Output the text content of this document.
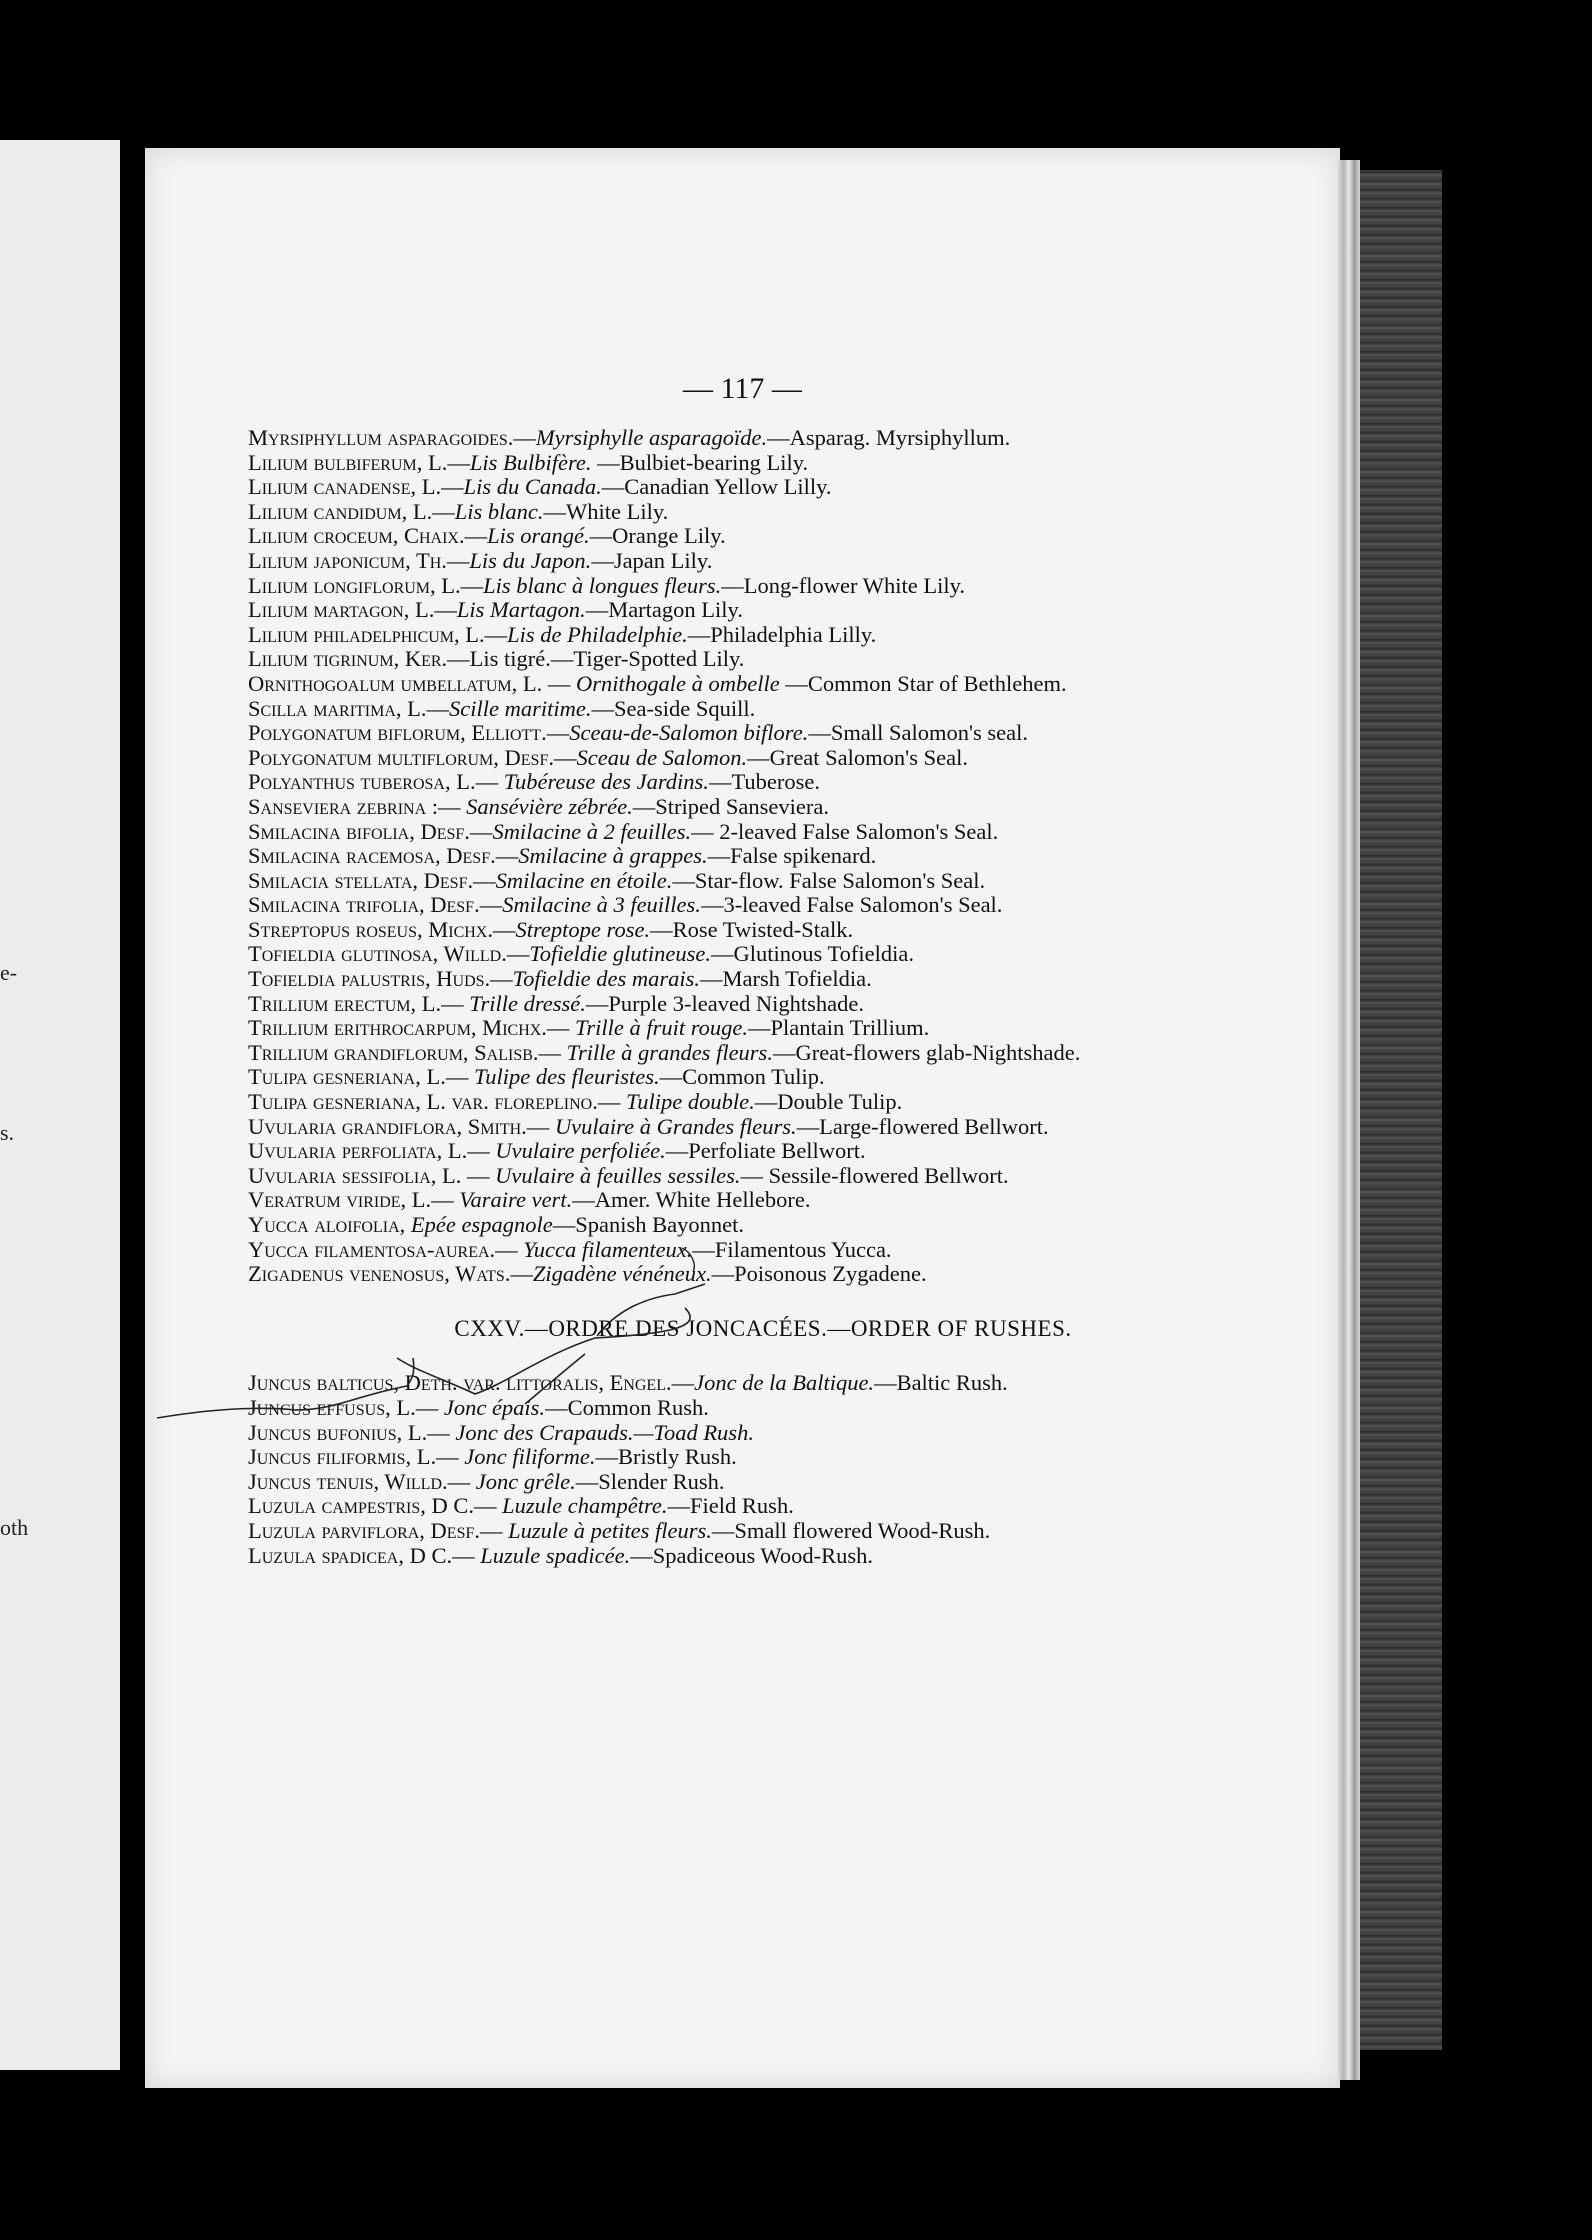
e-
s.
oth
— 117 —
Myrsiphyllum asparagoides.—Myrsiphylle asparagoïde.—Asparag. Myrsiphyllum.
Lilium bulbiferum, L.—Lis Bulbifère. —Bulbiet-bearing Lily.
Lilium canadense, L.—Lis du Canada.—Canadian Yellow Lilly.
Lilium candidum, L.—Lis blanc.—White Lily.
Lilium croceum, Chaix.—Lis orangé.—Orange Lily.
Lilium japonicum, Th.—Lis du Japon.—Japan Lily.
Lilium longiflorum, L.—Lis blanc à longues fleurs.—Long-flower White Lily.
Lilium martagon, L.—Lis Martagon.—Martagon Lily.
Lilium philadelphicum, L.—Lis de Philadelphie.—Philadelphia Lilly.
Lilium tigrinum, Ker.—Lis tigré.—Tiger-Spotted Lily.
Ornithogoalum umbellatum, L. — Ornithogale à ombelle —Common Star of Bethlehem.
Scilla maritima, L.—Scille maritime.—Sea-side Squill.
Polygonatum biflorum, Elliott.—Sceau-de-Salomon biflore.—Small Salomon's seal.
Polygonatum multiflorum, Desf.—Sceau de Salomon.—Great Salomon's Seal.
Polyanthus tuberosa, L.— Tubéreuse des Jardins.—Tuberose.
Sanseviera zebrina :— Sansévière zébrée.—Striped Sanseviera.
Smilacina bifolia, Desf.—Smilacine à 2 feuilles.— 2-leaved False Salomon's Seal.
Smilacina racemosa, Desf.—Smilacine à grappes.—False spikenard.
Smilacia stellata, Desf.—Smilacine en étoile.—Star-flow. False Salomon's Seal.
Smilacina trifolia, Desf.—Smilacine à 3 feuilles.—3-leaved False Salomon's Seal.
Streptopus roseus, Michx.—Streptope rose.—Rose Twisted-Stalk.
Tofieldia glutinosa, Willd.—Tofieldie glutineuse.—Glutinous Tofieldia.
Tofieldia palustris, Huds.—Tofieldie des marais.—Marsh Tofieldia.
Trillium erectum, L.— Trille dressé.—Purple 3-leaved Nightshade.
Trillium erithrocarpum, Michx.— Trille à fruit rouge.—Plantain Trillium.
Trillium grandiflorum, Salisb.— Trille à grandes fleurs.—Great-flowers glab-Nightshade.
Tulipa gesneriana, L.— Tulipe des fleuristes.—Common Tulip.
Tulipa gesneriana, L. var. floreplino.— Tulipe double.—Double Tulip.
Uvularia grandiflora, Smith.— Uvulaire à Grandes fleurs.—Large-flowered Bellwort.
Uvularia perfoliata, L.— Uvulaire perfoliée.—Perfoliate Bellwort.
Uvularia sessifolia, L. — Uvulaire à feuilles sessiles.— Sessile-flowered Bellwort.
Veratrum viride, L.— Varaire vert.—Amer. White Hellebore.
Yucca aloifolia, Epée espagnole—Spanish Bayonnet.
Yucca filamentosa-aurea.— Yucca filamenteux.—Filamentous Yucca.
Zigadenus venenosus, Wats.—Zigadène vénéneux.—Poisonous Zygadene.
CXXV.—ORDRE DES JONCACÉES.—ORDER OF RUSHES.
Juncus balticus, Deth. var. littoralis, Engel.—Jonc de la Baltique.—Baltic Rush.
Juncus effusus, L.— Jonc épais.—Common Rush.
Juncus bufonius, L.— Jonc des Crapauds.—Toad Rush.
Juncus filiformis, L.— Jonc filiforme.—Bristly Rush.
Juncus tenuis, Willd.— Jonc grêle.—Slender Rush.
Luzula campestris, D C.— Luzule champêtre.—Field Rush.
Luzula parviflora, Desf.— Luzule à petites fleurs.—Small flowered Wood-Rush.
Luzula spadicea, D C.— Luzule spadicée.—Spadiceous Wood-Rush.
